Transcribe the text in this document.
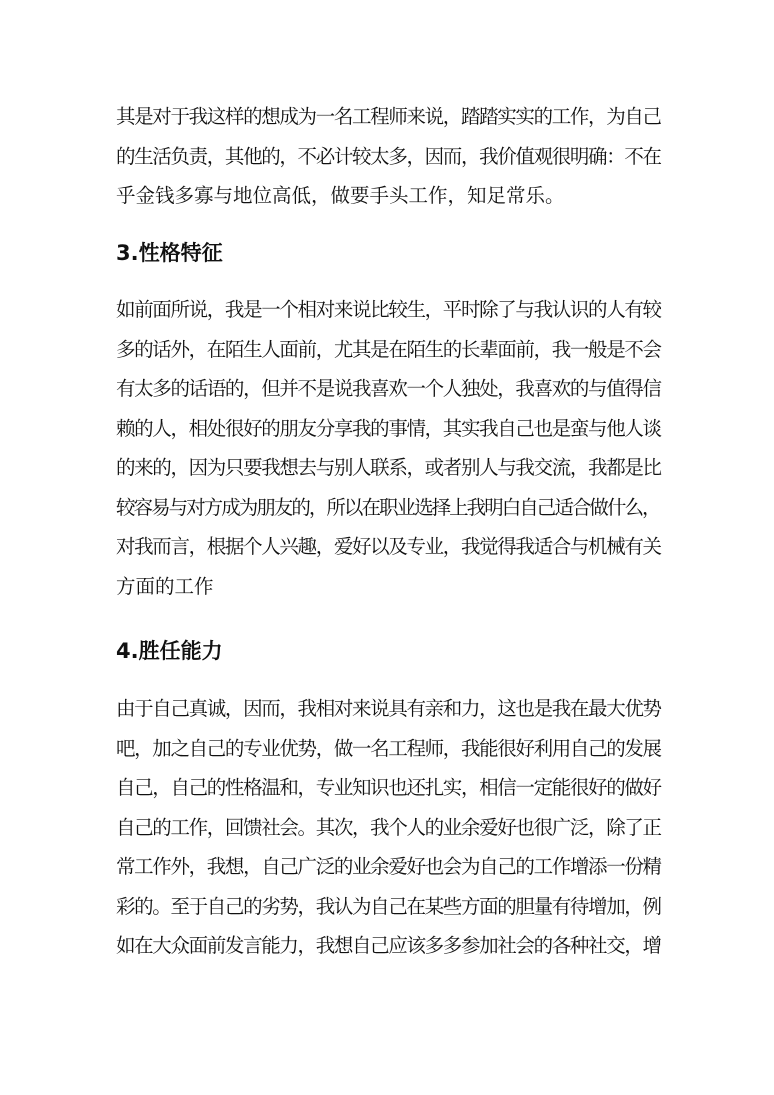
其是对于我这样的想成为一名工程师来说，踏踏实实的工作，为自己

的生活负责，其他的，不必计较太多，因而，我价值观很明确：不在

乎金钱多寡与地位高低，做要手头工作，知足常乐。

3.性格特征

如前面所说，我是一个相对来说比较生，平时除了与我认识的人有较

多的话外，在陌生人面前，尤其是在陌生的长辈面前，我一般是不会

有太多的话语的，但并不是说我喜欢一个人独处，我喜欢的与值得信

赖的人，相处很好的朋友分享我的事情，其实我自己也是蛮与他人谈

的来的，因为只要我想去与别人联系，或者别人与我交流，我都是比

较容易与对方成为朋友的，所以在职业选择上我明白自己适合做什么，

对我而言，根据个人兴趣，爱好以及专业，我觉得我适合与机械有关

方面的工作

4.胜任能力

由于自己真诚，因而，我相对来说具有亲和力，这也是我在最大优势

吧，加之自己的专业优势，做一名工程师，我能很好利用自己的发展

自己，自己的性格温和，专业知识也还扎实，相信一定能很好的做好

自己的工作，回馈社会。其次，我个人的业余爱好也很广泛，除了正

常工作外，我想，自己广泛的业余爱好也会为自己的工作增添一份精

彩的。至于自己的劣势，我认为自己在某些方面的胆量有待增加，例

如在大众面前发言能力，我想自己应该多多参加社会的各种社交，增
